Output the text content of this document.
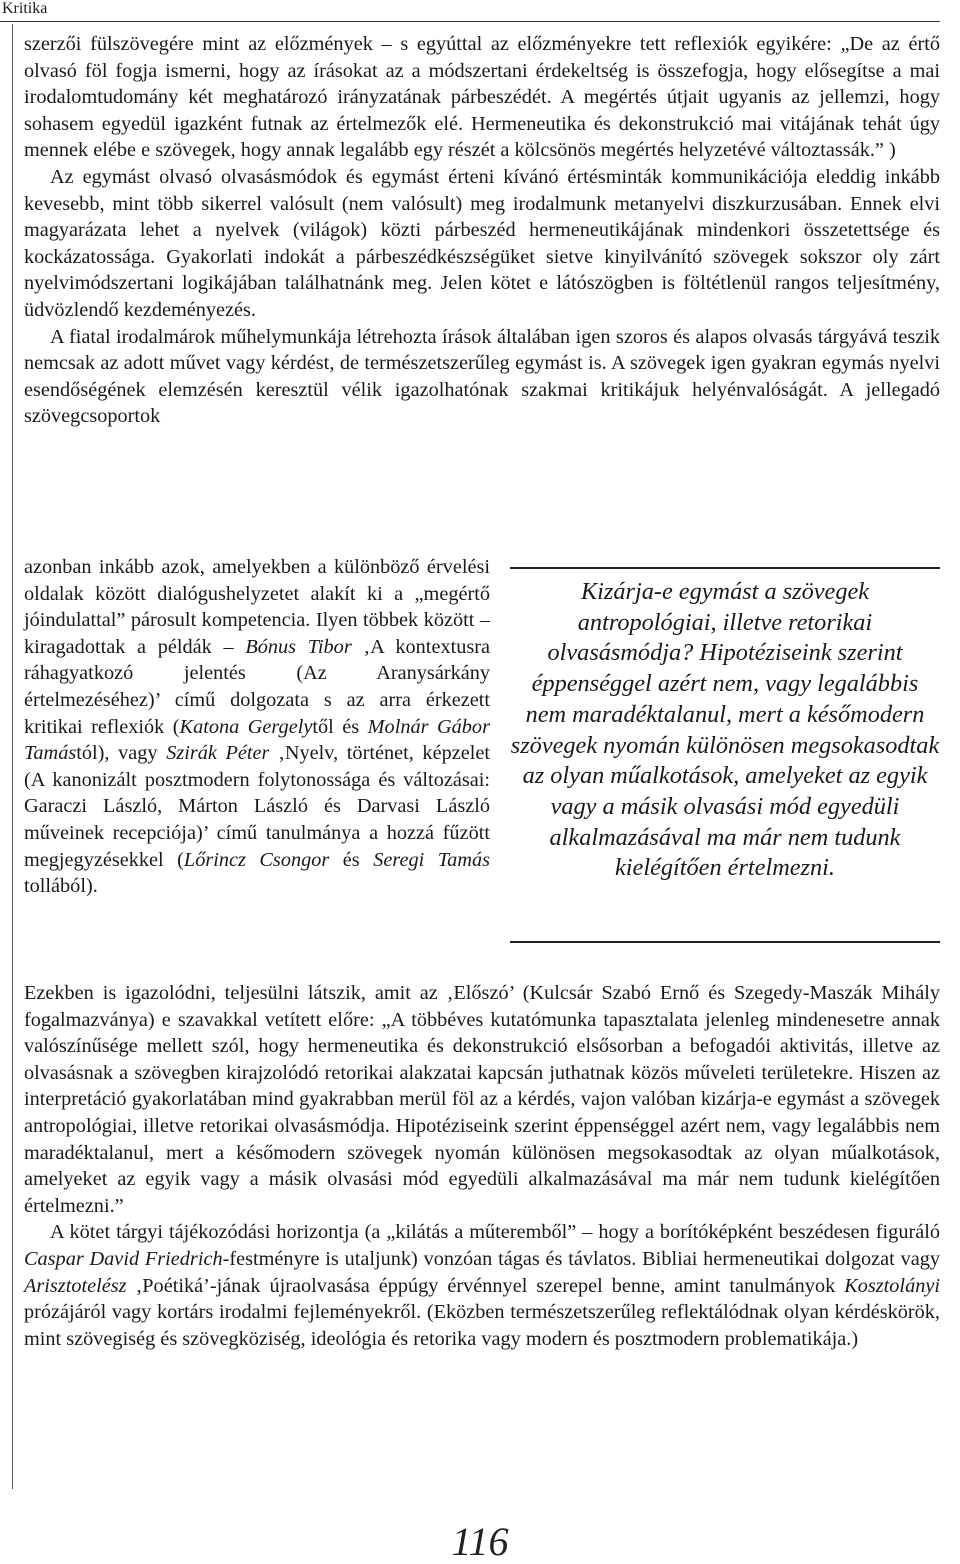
Kritika

szerzői fülszövegére mint az előzmények – s egyúttal az előzményekre tett reflexiók egyikére: „De az értő olvasó föl fogja ismerni, hogy az írásokat az a módszertani érdekeltség is összefogja, hogy elősegítse a mai irodalomtudomány két meghatározó irányzatának párbeszédét. A megértés útjait ugyanis az jellemzi, hogy sohasem egyedül igazként futnak az értelmezők elé. Hermeneutika és dekonstrukció mai vitájának tehát úgy mennek elébe e szövegek, hogy annak legalább egy részét a kölcsönös megértés helyzetévé változtassák.” )

Az egymást olvasó olvasásmódok és egymást érteni kívánó értésminták kommunikációja eleddig inkább kevesebb, mint több sikerrel valósult (nem valósult) meg irodalmunk metanyelvi diszkurzusában. Ennek elvi magyarázata lehet a nyelvek (világok) közti párbeszéd hermeneutikájának mindenkori összetettsége és kockázatossága. Gyakorlati indokát a párbeszédkészségüket sietve kinyilvánító szövegek sokszor oly zárt nyelvimódszertani logikájában találhatnánk meg. Jelen kötet e látószögben is föltétlenül rangos teljesítmény, üdvözlendő kezdeményezés.

A fiatal irodalmárok műhelymunkája létrehozta írások általában igen szoros és alapos olvasás tárgyává teszik nemcsak az adott művet vagy kérdést, de természetszerűleg egymást is. A szövegek igen gyakran egymás nyelvi esendőségének elemzésén keresztül vélik igazolhatónak szakmai kritikájuk helyénvalóságát. A jellegadó szövegcsoportok

azonban inkább azok, amelyekben a különböző érvelési oldalak között dialógushelyzetet alakít ki a „megértő jóindulattal” párosult kompetencia. Ilyen többek között – kiragadottak a példák – Bónus Tibor ‚A kontextusra ráhagyatkozó jelentés (Az Aranysárkány értelmezéséhez)’ című dolgozata s az arra érkezett kritikai reflexiók (Katona Gergelytől és Molnár Gábor Tamástól), vagy Szirák Péter ‚Nyelv, történet, képzelet (A kanonizált posztmodern folytonossága és változásai: Garaczi László, Márton László és Darvasi László műveinek recepciója)’ című tanulmánya a hozzá fűzött megjegyzésekkel (Lőrincz Csongor és Seregi Tamás tollából).

Kizárja-e egymást a szövegek antropológiai, illetve retorikai olvasásmódja? Hipotéziseink szerint éppenséggel azért nem, vagy legalábbis nem maradéktalanul, mert a későmodern szövegek nyomán különösen megsokasodtak az olyan műalkotások, amelyeket az egyik vagy a másik olvasási mód egyedüli alkalmazásával ma már nem tudunk kielégítően értelmezni.

Ezekben is igazolódni, teljesülni látszik, amit az ‚Előszó’ (Kulcsár Szabó Ernő és Szegedy-Maszák Mihály fogalmazványa) e szavakkal vetített előre: „A többéves kutatómunka tapasztalata jelenleg mindenesetre annak valószínűsége mellett szól, hogy hermeneutika és dekonstrukció elsősorban a befogadói aktivitás, illetve az olvasásnak a szövegben kirajzolódó retorikai alakzatai kapcsán juthatnak közös műveleti területekre. Hiszen az interpretáció gyakorlatában mind gyakrabban merül föl az a kérdés, vajon valóban kizárja-e egymást a szövegek antropológiai, illetve retorikai olvasásmódja. Hipotéziseink szerint éppenséggel azért nem, vagy legalábbis nem maradéktalanul, mert a későmodern szövegek nyomán különösen megsokasodtak az olyan műalkotások, amelyeket az egyik vagy a másik olvasási mód egyedüli alkalmazásával ma már nem tudunk kielégítően értelmezni.”

A kötet tárgyi tájékozódási horizontja (a „kilátás a műteremből” – hogy a borítóképként beszédesen figuráló Caspar David Friedrich-festményre is utaljunk) vonzóan tágas és távlatos. Bibliai hermeneutikai dolgozat vagy Arisztotelész ‚Poétiká’-jának újraolvasása éppúgy érvénnyel szerepel benne, amint tanulmányok Kosztolányi prózájáról vagy kortárs irodalmi fejleményekről. (Eközben természetszerűleg reflektálódnak olyan kérdéskörök, mint szövegiség és szövegköziség, ideológia és retorika vagy modern és posztmodern problematikája.)

116
